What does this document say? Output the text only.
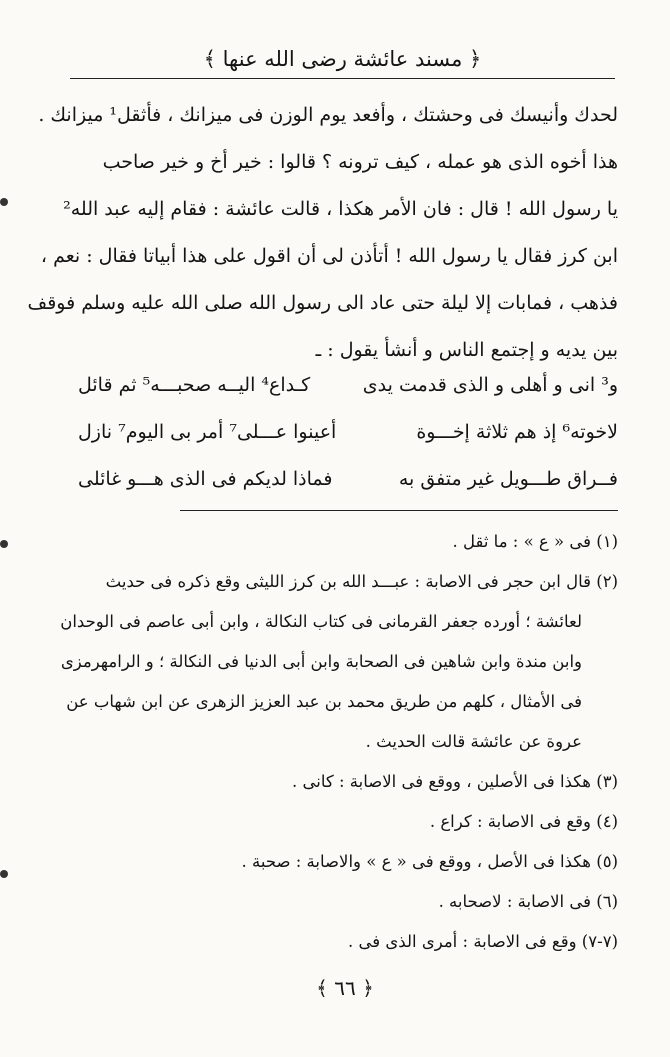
﴿ مسند عائشة رضى الله عنها ﴾
لحدك وأنيسك فى وحشتك ، وأفعد يوم الوزن فى ميزانك ، فأثقل¹ ميزانك .
هذا أخوه الذى هو عمله ، كيف ترونه ؟ قالوا : خير أخ و خير صاحب
يا رسول الله ! قال : فان الأمر هكذا ، قالت عائشة : فقام إليه عبد الله²
ابن كرز فقال يا رسول الله ! أتأذن لى أن اقول على هذا أبياتا فقال : نعم ،
فذهب ، فمابات إلا ليلة حتى عاد الى رسول الله صلى الله عليه وسلم فوقف
بين يديه و إجتمع الناس و أنشأ يقول : ـ
و³ انى و أهلى و الذى قدمت يدى
كـداع⁴ اليــه صحبـــه⁵ ثم قائل
لاخوته⁶ إذ هم ثلاثة إخـــوة
أعينوا عـــلى⁷ أمر بى اليوم⁷ نازل
فــراق طـــويل غير متفق به
فماذا لديكم فى الذى هـــو غائلى
(١) فى « ع » : ما ثقل .
(٢) قال ابن حجر فى الاصابة : عبـــد الله بن كرز الليثى وقع ذكره فى حديث
لعائشة ؛ أورده جعفر القرمانى فى كتاب النكالة ، وابن أبى عاصم فى الوحدان
وابن مندة وابن شاهين فى الصحابة وابن أبى الدنيا فى النكالة ؛ و الرامهرمزى
فى الأمثال ، كلهم من طريق محمد بن عبد العزيز الزهرى عن ابن شهاب عن
عروة عن عائشة قالت الحديث .
(٣) هكذا فى الأصلين ، ووقع فى الاصابة : كانى .
(٤) وقع فى الاصابة : كراع .
(٥) هكذا فى الأصل ، ووقع فى « ع » والاصابة : صحبة .
(٦) فى الاصابة : لاصحابه .
(٧-٧) وقع فى الاصابة : أمرى الذى فى .
﴿ ٦٦ ﴾
